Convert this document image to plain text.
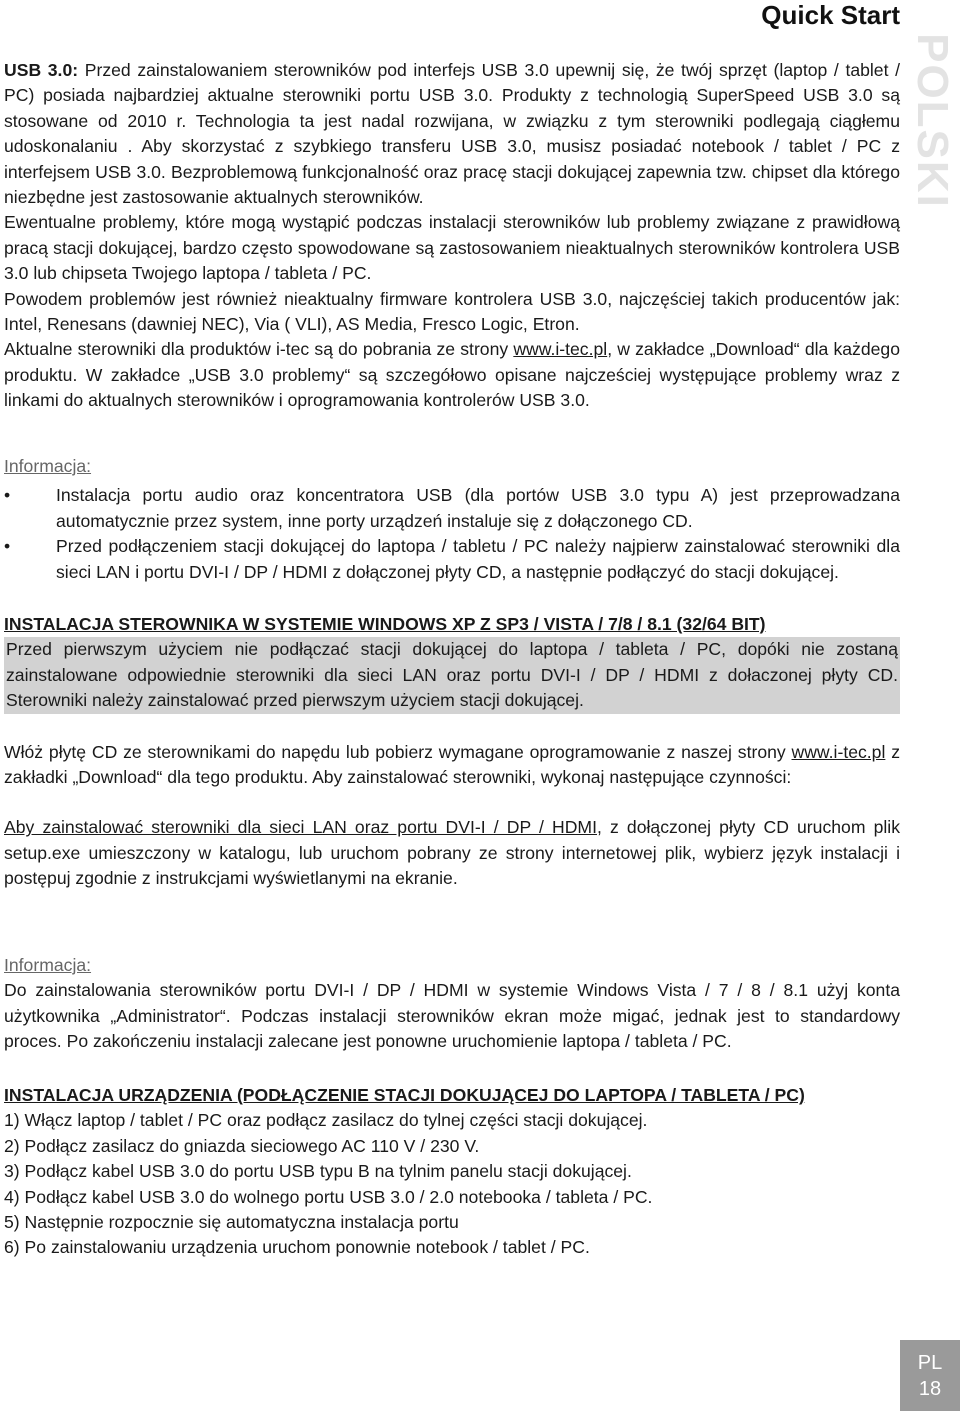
Quick Start
POLSKI

USB 3.0: Przed zainstalowaniem sterowników pod interfejs USB 3.0 upewnij się, że twój sprzęt (laptop / tablet / PC) posiada najbardziej aktualne sterowniki portu USB 3.0. Produkty z technologią SuperSpeed USB 3.0 są stosowane od 2010 r. Technologia ta jest nadal rozwijana, w związku z tym sterowniki podlegają ciągłemu udoskonalaniu . Aby skorzystać z szybkiego transferu USB 3.0, musisz posiadać notebook / tablet / PC z interfejsem USB 3.0. Bezproblemową funkcjonalność oraz pracę stacji dokującej zapewnia tzw. chipset dla którego niezbędne jest zastosowanie aktualnych sterowników.

Ewentualne problemy, które mogą wystąpić podczas instalacji sterowników lub problemy związane z prawidłową pracą stacji dokującej, bardzo często spowodowane są zastosowaniem nieaktualnych sterowników kontrolera USB 3.0 lub chipseta Twojego laptopa / tableta / PC.

Powodem problemów jest również nieaktualny firmware kontrolera USB 3.0, najczęściej takich producentów jak: Intel, Renesans (dawniej NEC), Via ( VLI), AS Media, Fresco Logic, Etron.

Aktualne sterowniki dla produktów i-tec są do pobrania ze strony www.i-tec.pl, w zakładce „Download“ dla każdego produktu. W zakładce „USB 3.0 problemy“ są szczegółowo opisane najcześciej występujące problemy wraz z linkami do aktualnych sterowników i oprogramowania kontrolerów USB 3.0.

Informacja:
•	Instalacja portu audio oraz koncentratora USB (dla portów USB 3.0 typu A) jest przeprowadzana automatycznie przez system, inne porty urządzeń instaluje się z dołączonego CD.
•	Przed podłączeniem stacji dokującej do laptopa / tabletu / PC należy najpierw zainstalować sterowniki dla sieci LAN i portu DVI-I / DP / HDMI z dołączonej płyty CD, a następnie podłączyć do stacji dokującej.
INSTALACJA STEROWNIKA W SYSTEMIE WINDOWS XP Z SP3 / VISTA / 7/8 / 8.1 (32/64 BIT)

Przed pierwszym użyciem nie podłączać stacji dokującej do laptopa / tableta / PC, dopóki nie zostaną zainstalowane odpowiednie sterowniki dla sieci LAN oraz portu DVI-I / DP / HDMI z dołaczonej płyty CD. Sterowniki należy zainstalować przed pierwszym użyciem stacji dokującej.

Włóż płytę CD ze sterownikami do napędu lub pobierz wymagane oprogramowanie z naszej strony www.i-tec.pl z zakładki „Download“ dla tego produktu. Aby zainstalować sterowniki, wykonaj następujące czynności:

Aby zainstalować sterowniki dla sieci LAN oraz portu DVI-I / DP / HDMI, z dołączonej płyty CD uruchom plik setup.exe umieszczony w katalogu, lub uruchom pobrany ze strony internetowej plik, wybierz język instalacji i postępuj zgodnie z instrukcjami wyświetlanymi na ekranie.

Informacja:

Do zainstalowania sterowników portu DVI-I / DP / HDMI w systemie Windows Vista / 7 / 8 / 8.1 użyj konta użytkownika „Administrator“. Podczas instalacji sterowników ekran może migać, jednak jest to standardowy proces. Po zakończeniu instalacji zalecane jest ponowne uruchomienie laptopa / tableta / PC.

INSTALACJA URZĄDZENIA (PODŁĄCZENIE STACJI DOKUJĄCEJ DO LAPTOPA / TABLETA / PC)
1) Włącz laptop / tablet / PC oraz podłącz zasilacz do tylnej części stacji dokującej.
2) Podłącz zasilacz do gniazda sieciowego AC 110 V / 230 V.
3) Podłącz kabel USB 3.0 do portu USB typu B na tylnim panelu stacji dokującej.
4) Podłącz kabel USB 3.0 do wolnego portu USB 3.0 / 2.0 notebooka / tableta / PC.
5) Następnie rozpocznie się automatyczna instalacja portu
6) Po zainstalowaniu urządzenia uruchom ponownie notebook / tablet / PC.
PL
18
